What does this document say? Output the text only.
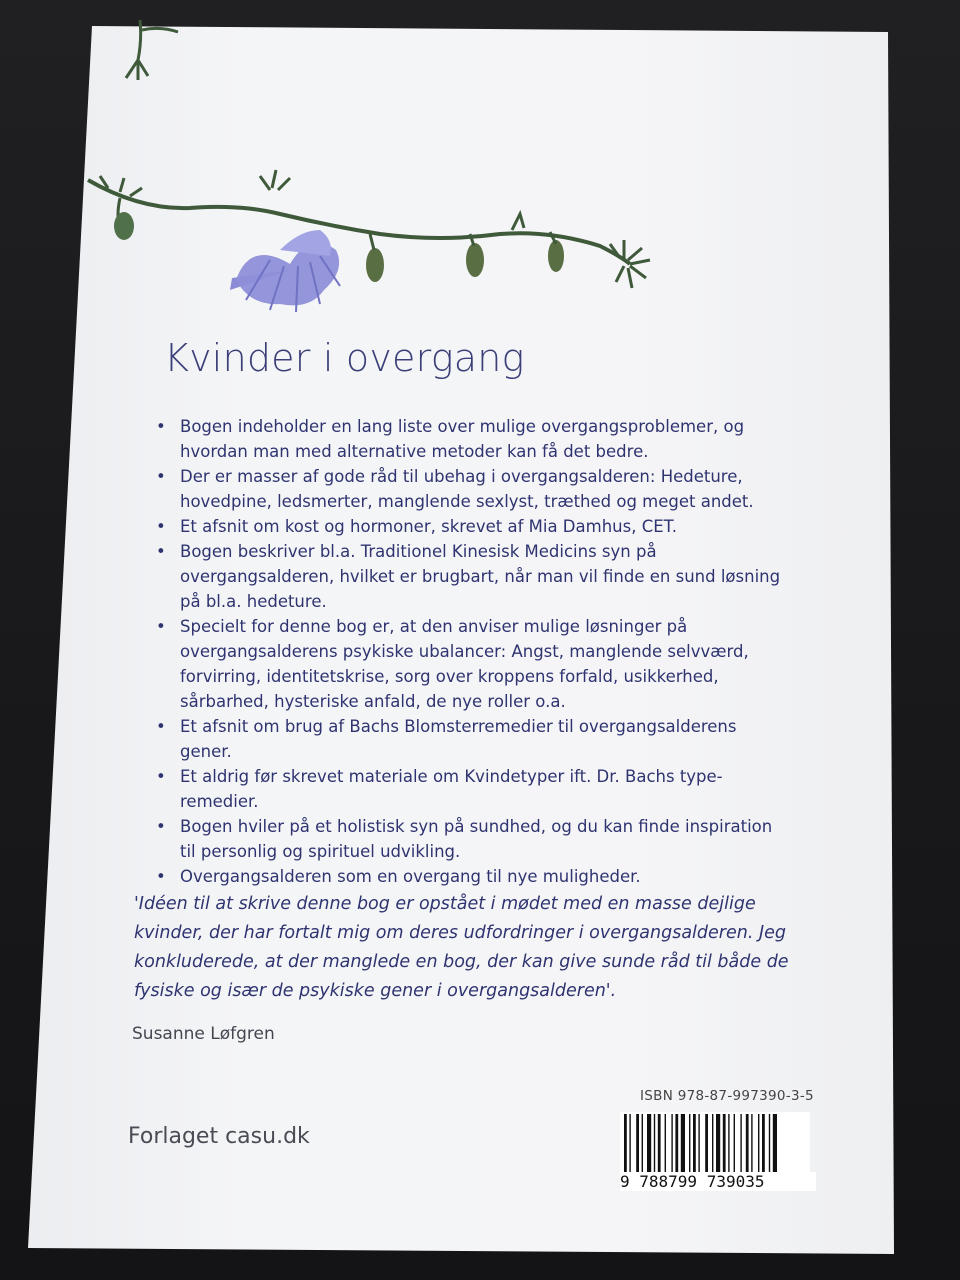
Kvinder i overgang
• Bogen indeholder en lang liste over mulige overgangsproblemer, og hvordan man med alternative metoder kan få det bedre.
• Der er masser af gode råd til ubehag i overgangsalderen: Hedeture, hovedpine, ledsmerter, manglende sexlyst, træthed og meget andet.
• Et afsnit om kost og hormoner, skrevet af Mia Damhus, CET.
• Bogen beskriver bl.a. Traditionel Kinesisk Medicins syn på overgangsalderen, hvilket er brugbart, når man vil finde en sund løsning på bl.a. hedeture.
• Specielt for denne bog er, at den anviser mulige løsninger på overgangsalderens psykiske ubalancer: Angst, manglende selvværd, forvirring, identitetskrise, sorg over kroppens forfald, usikkerhed, sårbarhed, hysteriske anfald, de nye roller o.a.
• Et afsnit om brug af Bachs Blomsterremedier til overgangsalderens gener.
• Et aldrig før skrevet materiale om Kvindetyper ift. Dr. Bachs type-remedier.
• Bogen hviler på et holistisk syn på sundhed, og du kan finde inspiration til personlig og spirituel udvikling.
• Overgangsalderen som en overgang til nye muligheder.
'Idéen til at skrive denne bog er opstået i mødet med en masse dejlige kvinder, der har fortalt mig om deres udfordringer i overgangsalderen. Jeg konkluderede, at der manglede en bog, der kan give sunde råd til både de fysiske og især de psykiske gener i overgangsalderen'.
Susanne Løfgren
Forlaget casu.dk
ISBN 978-87-997390-3-5
9 788799 739035
